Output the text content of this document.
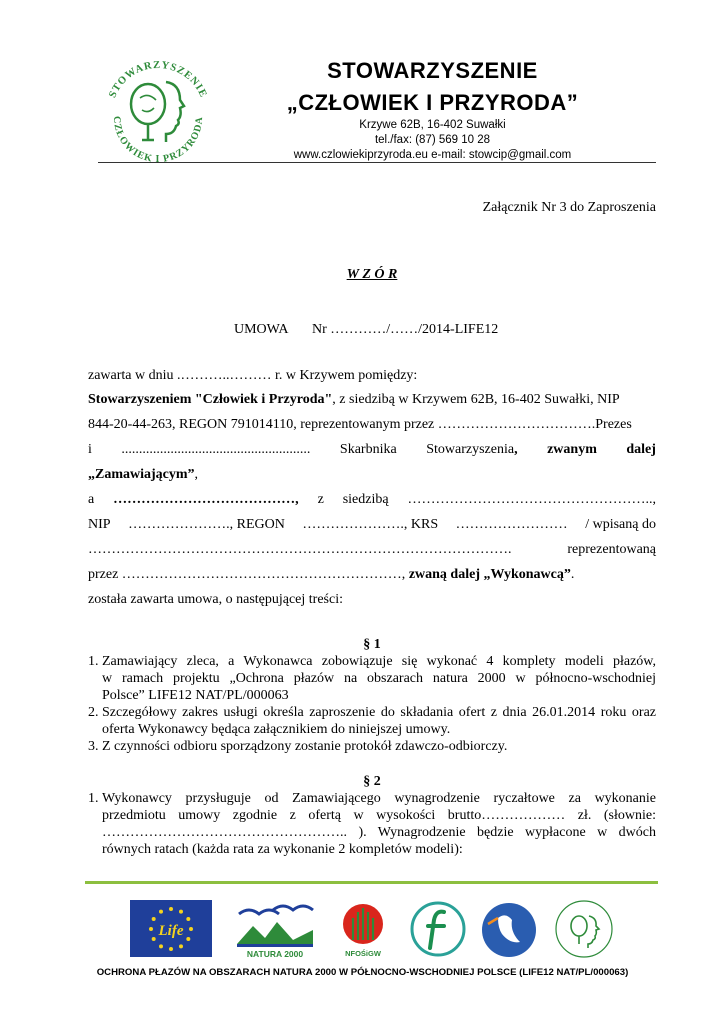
STOWARZYSZENIE
CZŁOWIEK I PRZYRODA
STOWARZYSZENIE
„CZŁOWIEK I PRZYRODA”
Krzywe 62B, 16-402 Suwałki
tel./fax: (87) 569 10 28
www.czlowiekiprzyroda.eu e-mail: stowcip@gmail.com
Załącznik Nr 3 do Zaproszenia
W Z Ó R
UMOWA Nr …………/……/2014-LIFE12
zawarta w dniu .………..……… r. w Krzywem pomiędzy:
Stowarzyszeniem "Człowiek i Przyroda", z siedzibą w Krzywem 62B, 16-402 Suwałki, NIP
844-20-44-263, REGON 791014110, reprezentowanym przez …………………………….Prezes
i ...................................................... Skarbnika Stowarzyszenia, zwanym dalej
„Zamawiającym”,
a …………………………………, z siedzibą ……………………………………………..,
NIP …………………., REGON …………………., KRS …………………… / wpisaną do
……………………………………………………………………………….	reprezentowaną
przez ……………………………………………………, zwaną dalej „Wykonawcą”.
została zawarta umowa, o następującej treści:
§ 1
1. Zamawiający zleca, a Wykonawca zobowiązuje się wykonać 4 komplety modeli płazów,
w ramach projektu „Ochrona płazów na obszarach natura 2000 w północno-wschodniej
Polsce” LIFE12 NAT/PL/000063
2. Szczegółowy zakres usługi określa zaproszenie do składania ofert z dnia 26.01.2014 roku oraz
oferta Wykonawcy będąca załącznikiem do niniejszej umowy.
3. Z czynności odbioru sporządzony zostanie protokół zdawczo-odbiorczy.
§ 2
1. Wykonawcy przysługuje od Zamawiającego wynagrodzenie ryczałtowe za wykonanie
przedmiotu umowy zgodnie z ofertą w wysokości brutto……………… zł. (słownie:
…………………………………………….. ). Wynagrodzenie będzie wypłacone w dwóch
równych ratach (każda rata za wykonanie 2 kompletów modeli):
Life
NATURA 2000	NFOŚiGW
OCHRONA PŁAZÓW NA OBSZARACH NATURA 2000 W PÓŁNOCNO-WSCHODNIEJ POLSCE (LIFE12 NAT/PL/000063)
